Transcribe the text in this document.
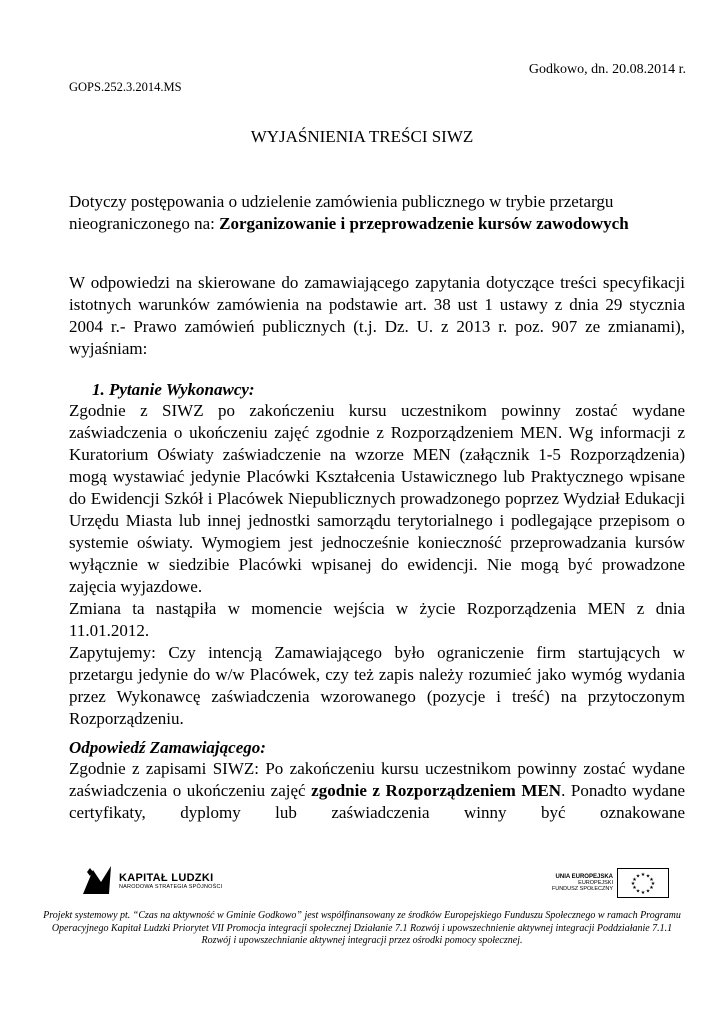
Godkowo, dn. 20.08.2014 r.
GOPS.252.3.2014.MS
WYJAŚNIENIA TREŚCI SIWZ
Dotyczy postępowania o udzielenie zamówienia publicznego w trybie przetargu nieograniczonego na: Zorganizowanie i przeprowadzenie kursów zawodowych
W odpowiedzi na skierowane do zamawiającego zapytania dotyczące treści specyfikacji istotnych warunków zamówienia na podstawie art. 38 ust 1 ustawy z dnia 29 stycznia 2004 r.- Prawo zamówień publicznych (t.j. Dz. U. z 2013 r. poz. 907 ze zmianami), wyjaśniam:
1. Pytanie Wykonawcy:

Zgodnie z SIWZ po zakończeniu kursu uczestnikom powinny zostać wydane zaświadczenia o ukończeniu zajęć zgodnie z Rozporządzeniem MEN. Wg informacji z Kuratorium Oświaty zaświadczenie na wzorze MEN (załącznik 1-5 Rozporządzenia) mogą wystawiać jedynie Placówki Kształcenia Ustawicznego lub Praktycznego wpisane do Ewidencji Szkół i Placówek Niepublicznych prowadzonego poprzez Wydział Edukacji Urzędu Miasta lub innej jednostki samorządu terytorialnego i podlegające przepisom o systemie oświaty. Wymogiem jest jednocześnie konieczność przeprowadzania kursów wyłącznie w siedzibie Placówki wpisanej do ewidencji. Nie mogą być prowadzone zajęcia wyjazdowe.

Zmiana ta nastąpiła w momencie wejścia w życie Rozporządzenia MEN z dnia 11.01.2012.

Zapytujemy: Czy intencją Zamawiającego było ograniczenie firm startujących w przetargu jedynie do w/w Placówek, czy też zapis należy rozumieć jako wymóg wydania przez Wykonawcę zaświadczenia wzorowanego (pozycje i treść) na przytoczonym Rozporządzeniu.

Odpowiedź Zamawiającego:
Zgodnie z zapisami SIWZ: Po zakończeniu kursu uczestnikom powinny zostać wydane zaświadczenia o ukończeniu zajęć zgodnie z Rozporządzeniem MEN. Ponadto wydane certyfikaty, dyplomy lub zaświadczenia winny być oznakowane
KAPITAŁ LUDZKI
NARODOWA STRATEGIA SPÓJNOŚCI
UNIA EUROPEJSKA
EUROPEJSKI
FUNDUSZ SPOŁECZNY
★ ★
★
★
★
★
★
★
★
★
★
★
Projekt systemowy pt. “Czas na aktywność w Gminie Godkowo” jest współfinansowany ze środków Europejskiego Funduszu Społecznego w ramach Programu Operacyjnego Kapitał Ludzki Priorytet VII Promocja integracji społecznej Działanie 7.1 Rozwój i upowszechnienie aktywnej integracji Poddziałanie 7.1.1 Rozwój i upowszechnianie aktywnej integracji przez ośrodki pomocy społecznej.
